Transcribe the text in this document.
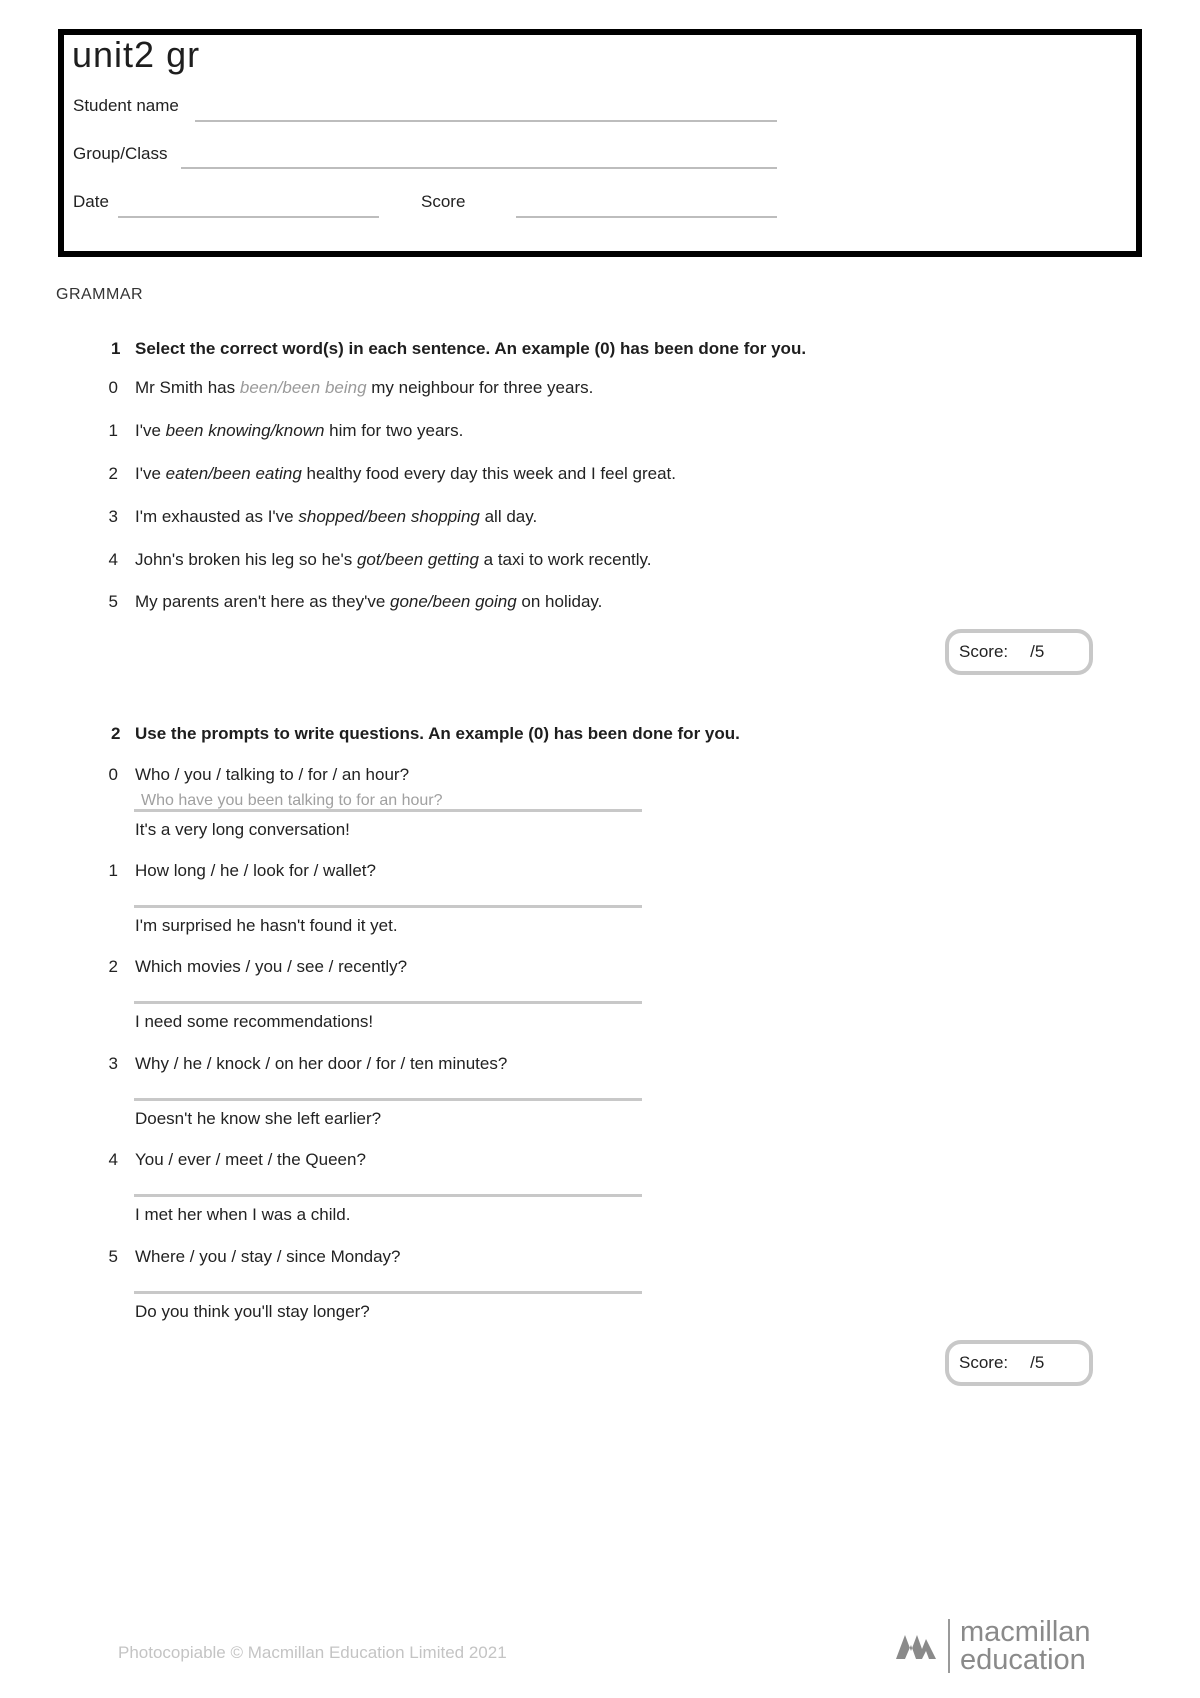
unit2 gr
Student name
Group/Class
Date	Score
GRAMMAR
1 Select the correct word(s) in each sentence. An example (0) has been done for you.
0 Mr Smith has been/been being my neighbour for three years.
1 I've been knowing/known him for two years.
2 I've eaten/been eating healthy food every day this week and I feel great.
3 I'm exhausted as I've shopped/been shopping all day.
4 John's broken his leg so he's got/been getting a taxi to work recently.
5 My parents aren't here as they've gone/been going on holiday.
Score: /5
2 Use the prompts to write questions. An example (0) has been done for you.
0 Who / you / talking to / for / an hour?
Who have you been talking to for an hour?
It's a very long conversation!
1 How long / he / look for / wallet?
I'm surprised he hasn't found it yet.
2 Which movies / you / see / recently?
I need some recommendations!
3 Why / he / knock / on her door / for / ten minutes?
Doesn't he know she left earlier?
4 You / ever / meet / the Queen?
I met her when I was a child.
5 Where / you / stay / since Monday?
Do you think you'll stay longer?
Score: /5
Photocopiable © Macmillan Education Limited 2021
macmillan
education
